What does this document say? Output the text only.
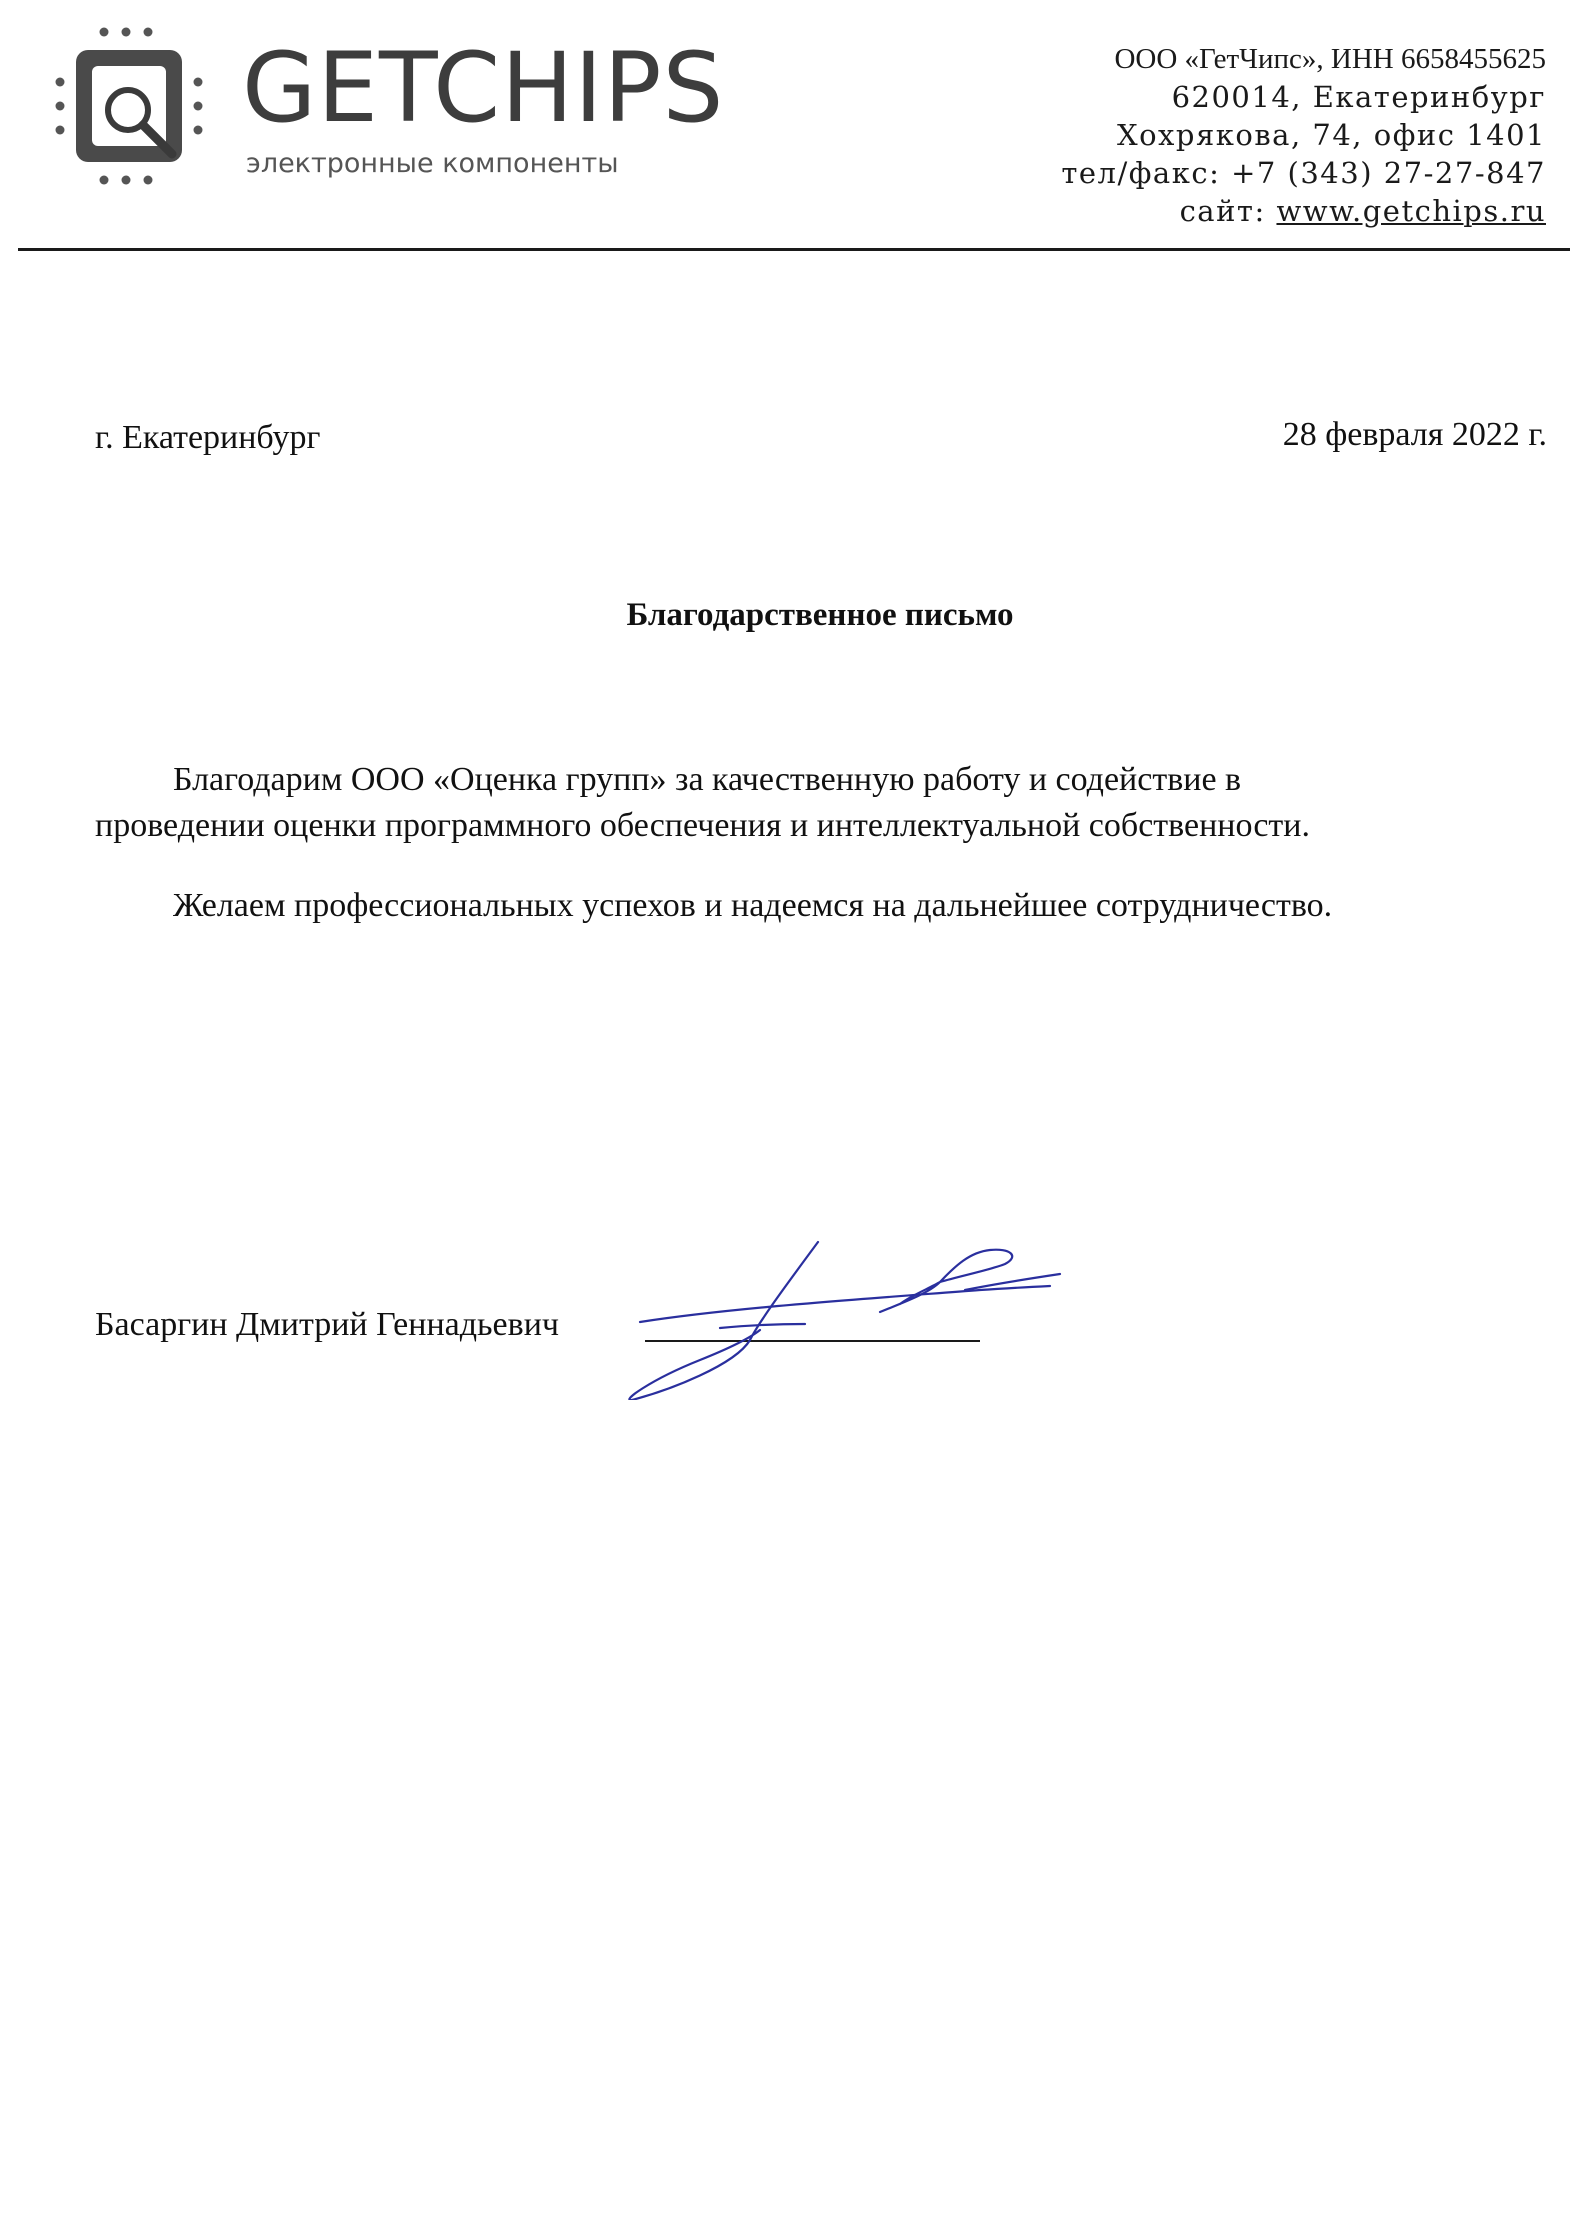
GETCHIPS
электронные компоненты
ООО «ГетЧипс», ИНН 6658455625
620014, Екатеринбург
Хохрякова, 74, офис 1401
тел/факс: +7 (343) 27-27-847
сайт: www.getchips.ru
г. Екатеринбург	28 февраля 2022 г.
Благодарственное письмо

Благодарим ООО «Оценка групп» за качественную работу и содействие в
проведении оценки программного обеспечения и интеллектуальной собственности.

Желаем профессиональных успехов и надеемся на дальнейшее сотрудничество.

Басаргин Дмитрий Геннадьевич
